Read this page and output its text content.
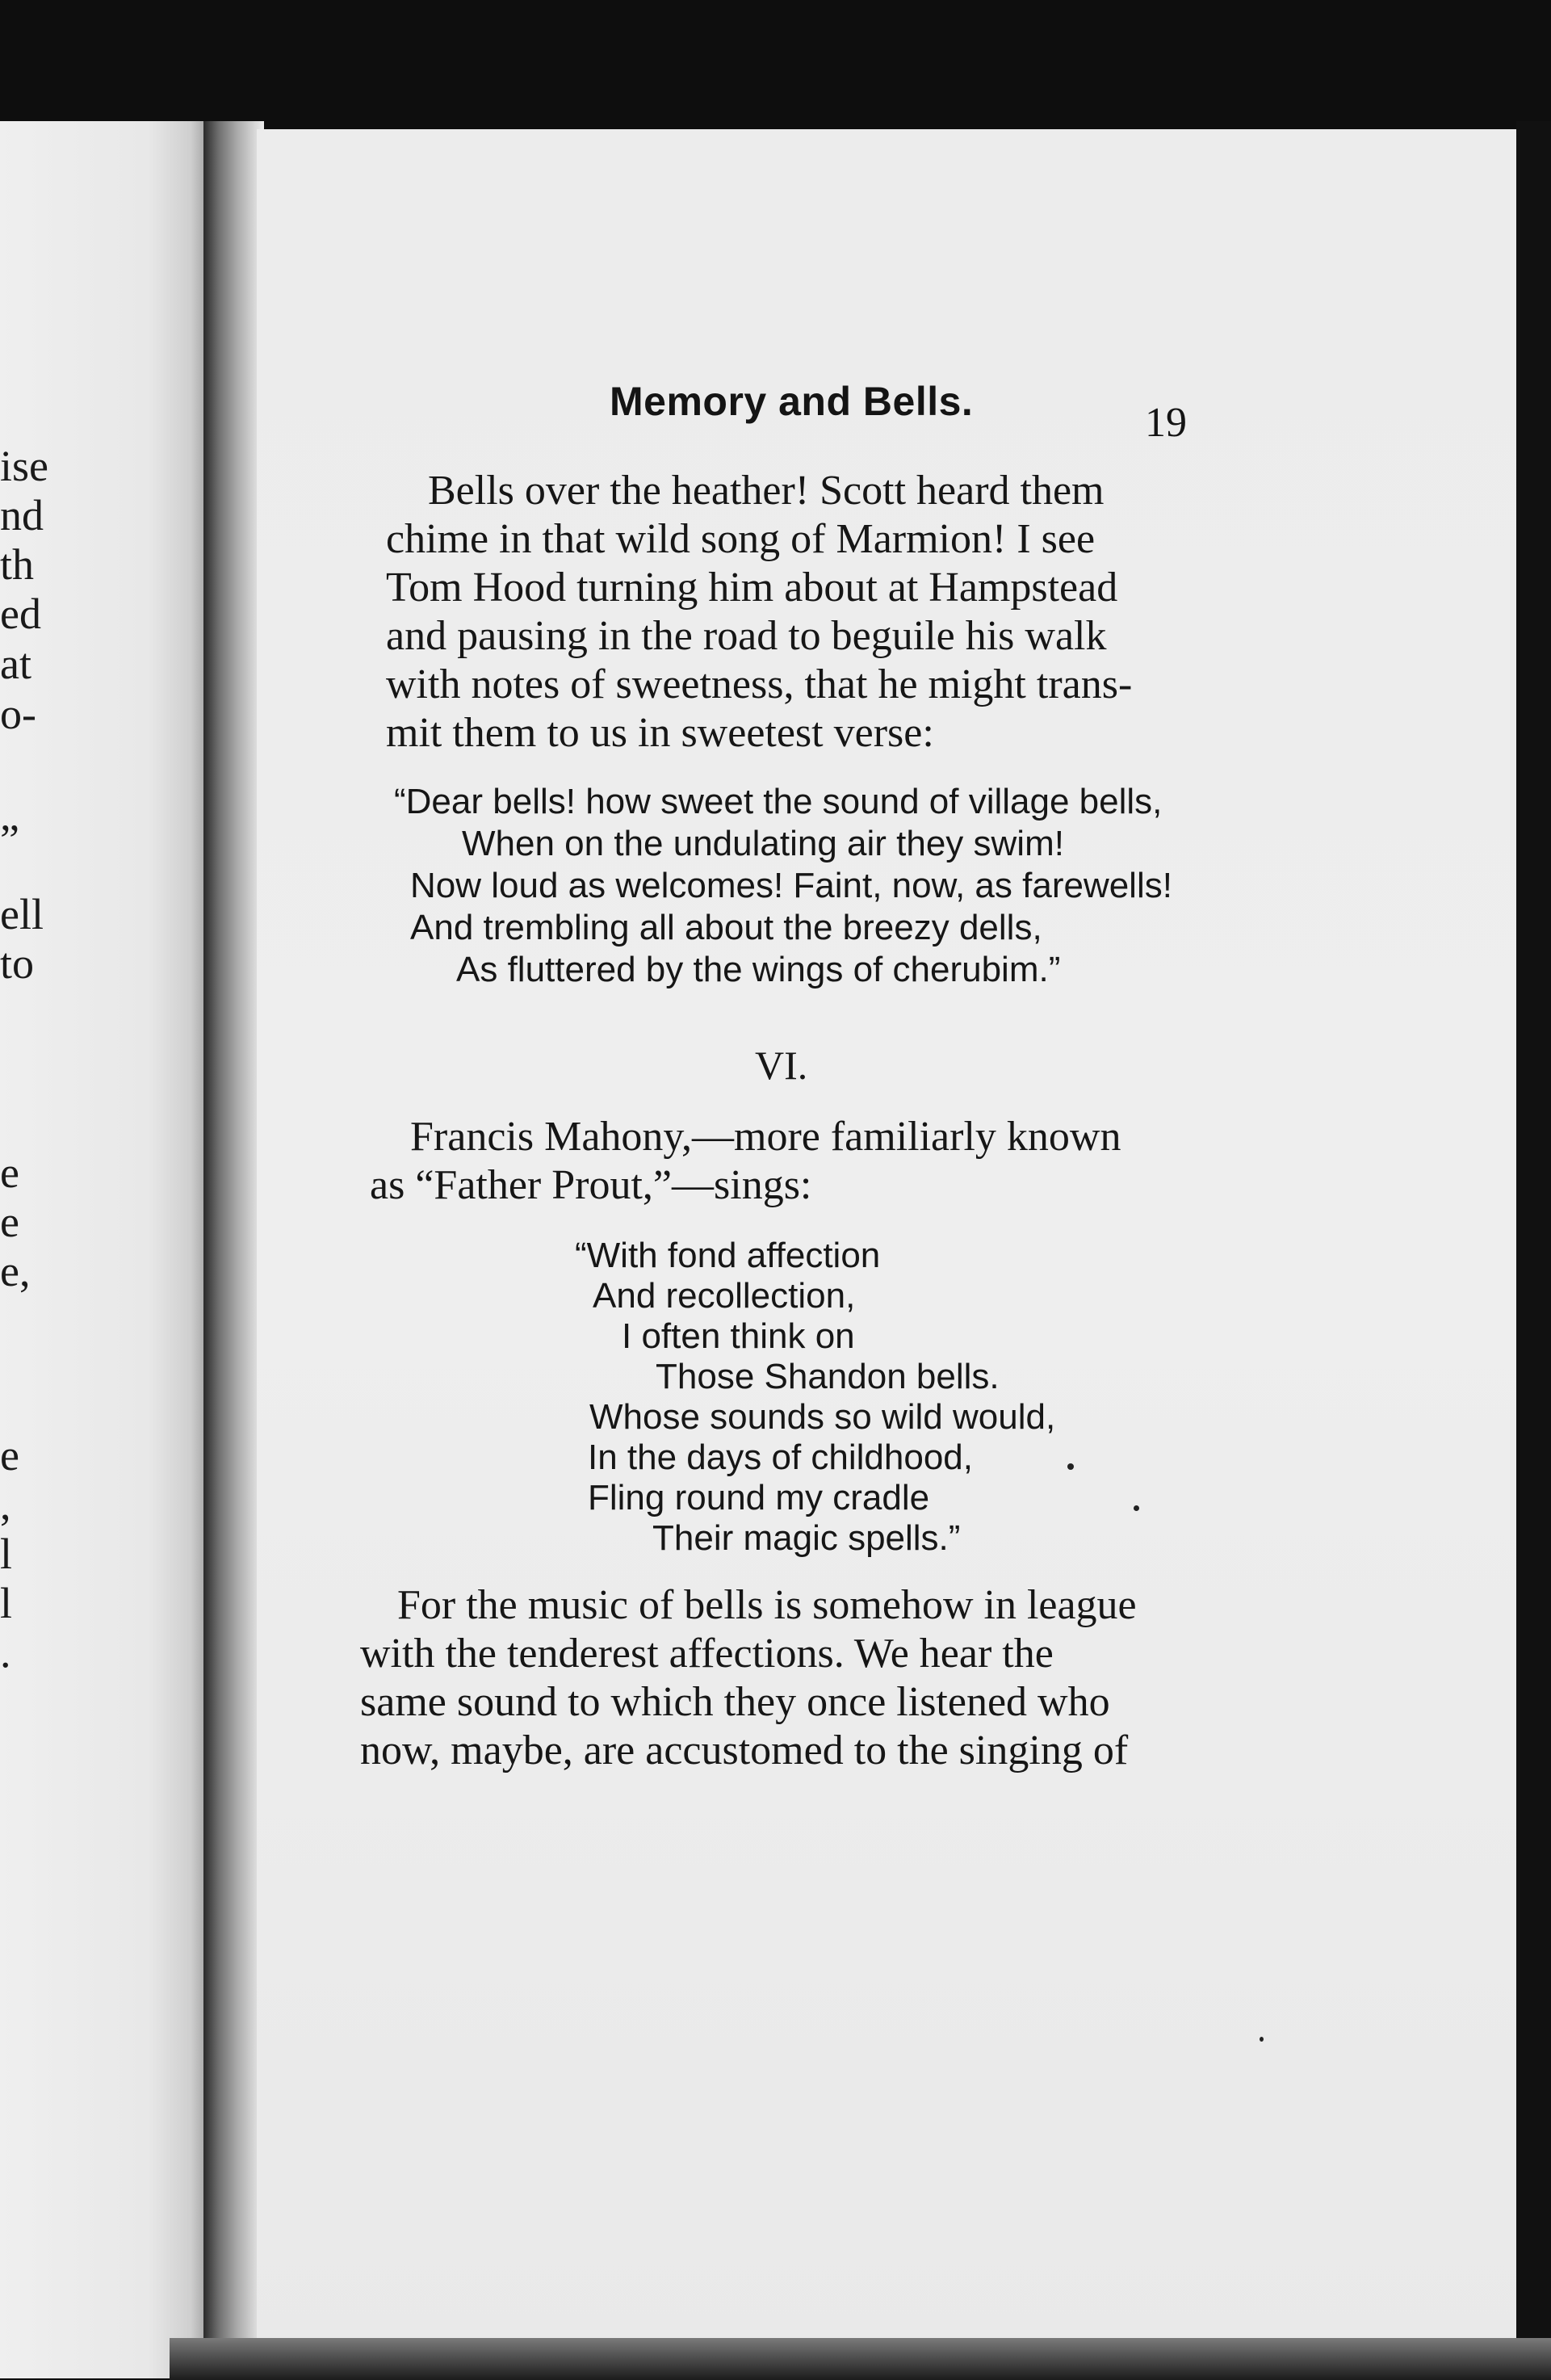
ise
nd
th
ed
at
o-
”
ell
to
e
e
e,
e
,
l
l
.
Memory and Bells.	19
Bells over the heather! Scott heard them
chime in that wild song of Marmion! I see
Tom Hood turning him about at Hampstead
and pausing in the road to beguile his walk
with notes of sweetness, that he might trans-
mit them to us in sweetest verse:
“Dear bells! how sweet the sound of village bells,
When on the undulating air they swim!
Now loud as welcomes! Faint, now, as farewells!
And trembling all about the breezy dells,
As fluttered by the wings of cherubim.”
VI.
Francis Mahony,—more familiarly known
as “Father Prout,”—sings:
“With fond affection
And recollection,
I often think on
Those Shandon bells.
Whose sounds so wild would,
In the days of childhood,
Fling round my cradle
Their magic spells.”
For the music of bells is somehow in league
with the tenderest affections. We hear the
same sound to which they once listened who
now, maybe, are accustomed to the singing of
